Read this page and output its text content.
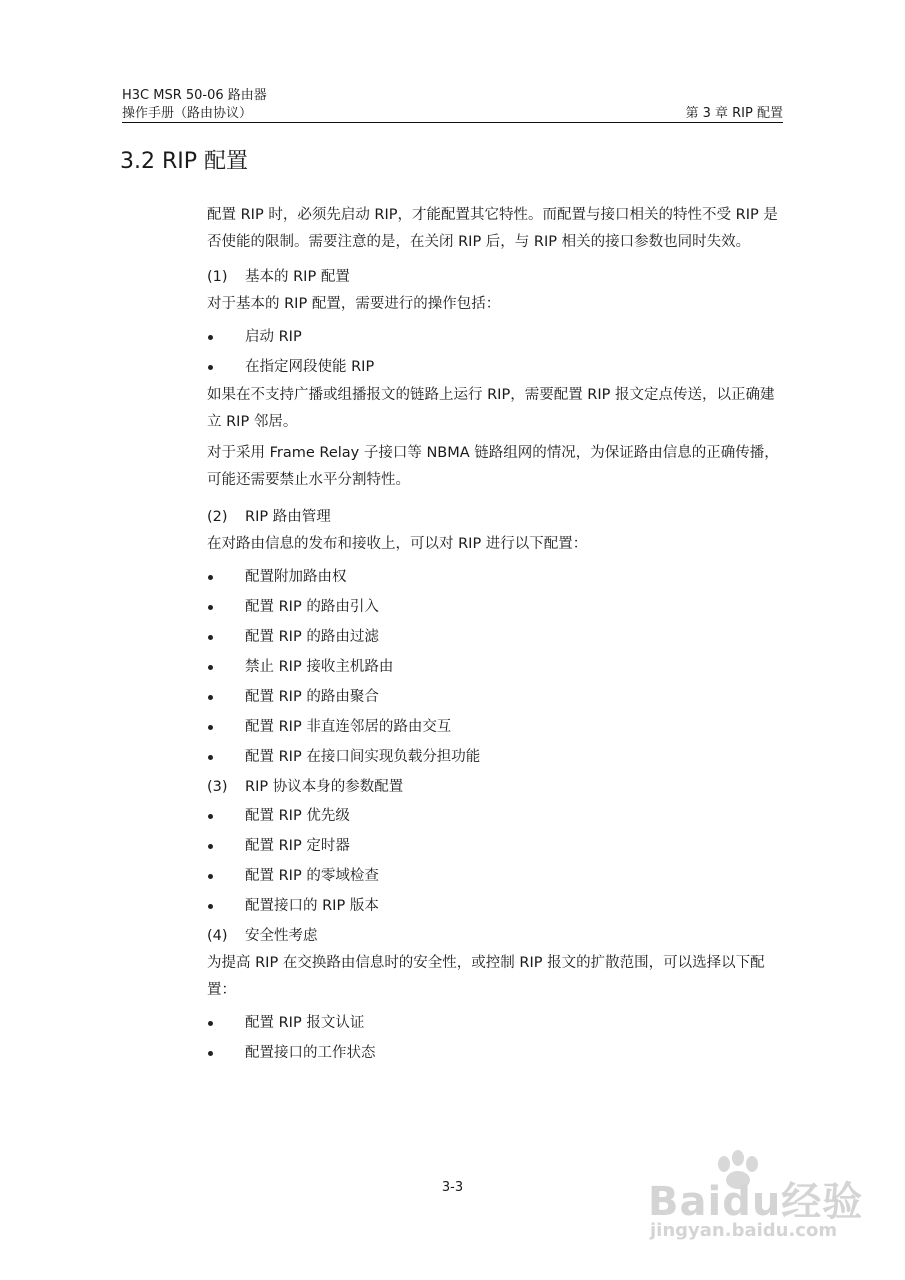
H3C MSR 50-06 路由器
操作手册（路由协议）	第 3 章 RIP 配置
3.2 RIP 配置

配置 RIP 时，必须先启动 RIP，才能配置其它特性。而配置与接口相关的特性不受 RIP 是否使能的限制。需要注意的是，在关闭 RIP 后，与 RIP 相关的接口参数也同时失效。

(1)	基本的 RIP 配置

对于基本的 RIP 配置，需要进行的操作包括：

启动 RIP
在指定网段使能 RIP

如果在不支持广播或组播报文的链路上运行 RIP，需要配置 RIP 报文定点传送，以正确建立 RIP 邻居。

对于采用 Frame Relay 子接口等 NBMA 链路组网的情况，为保证路由信息的正确传播，可能还需要禁止水平分割特性。

(2)	RIP 路由管理

在对路由信息的发布和接收上，可以对 RIP 进行以下配置：

配置附加路由权
配置 RIP 的路由引入
配置 RIP 的路由过滤
禁止 RIP 接收主机路由
配置 RIP 的路由聚合
配置 RIP 非直连邻居的路由交互
配置 RIP 在接口间实现负载分担功能
(3)	RIP 协议本身的参数配置
配置 RIP 优先级
配置 RIP 定时器
配置 RIP 的零域检查
配置接口的 RIP 版本
(4)	安全性考虑

为提高 RIP 在交换路由信息时的安全性，或控制 RIP 报文的扩散范围，可以选择以下配置：

配置 RIP 报文认证
配置接口的工作状态
3-3	Baidu经验
jingyan.baidu.com
